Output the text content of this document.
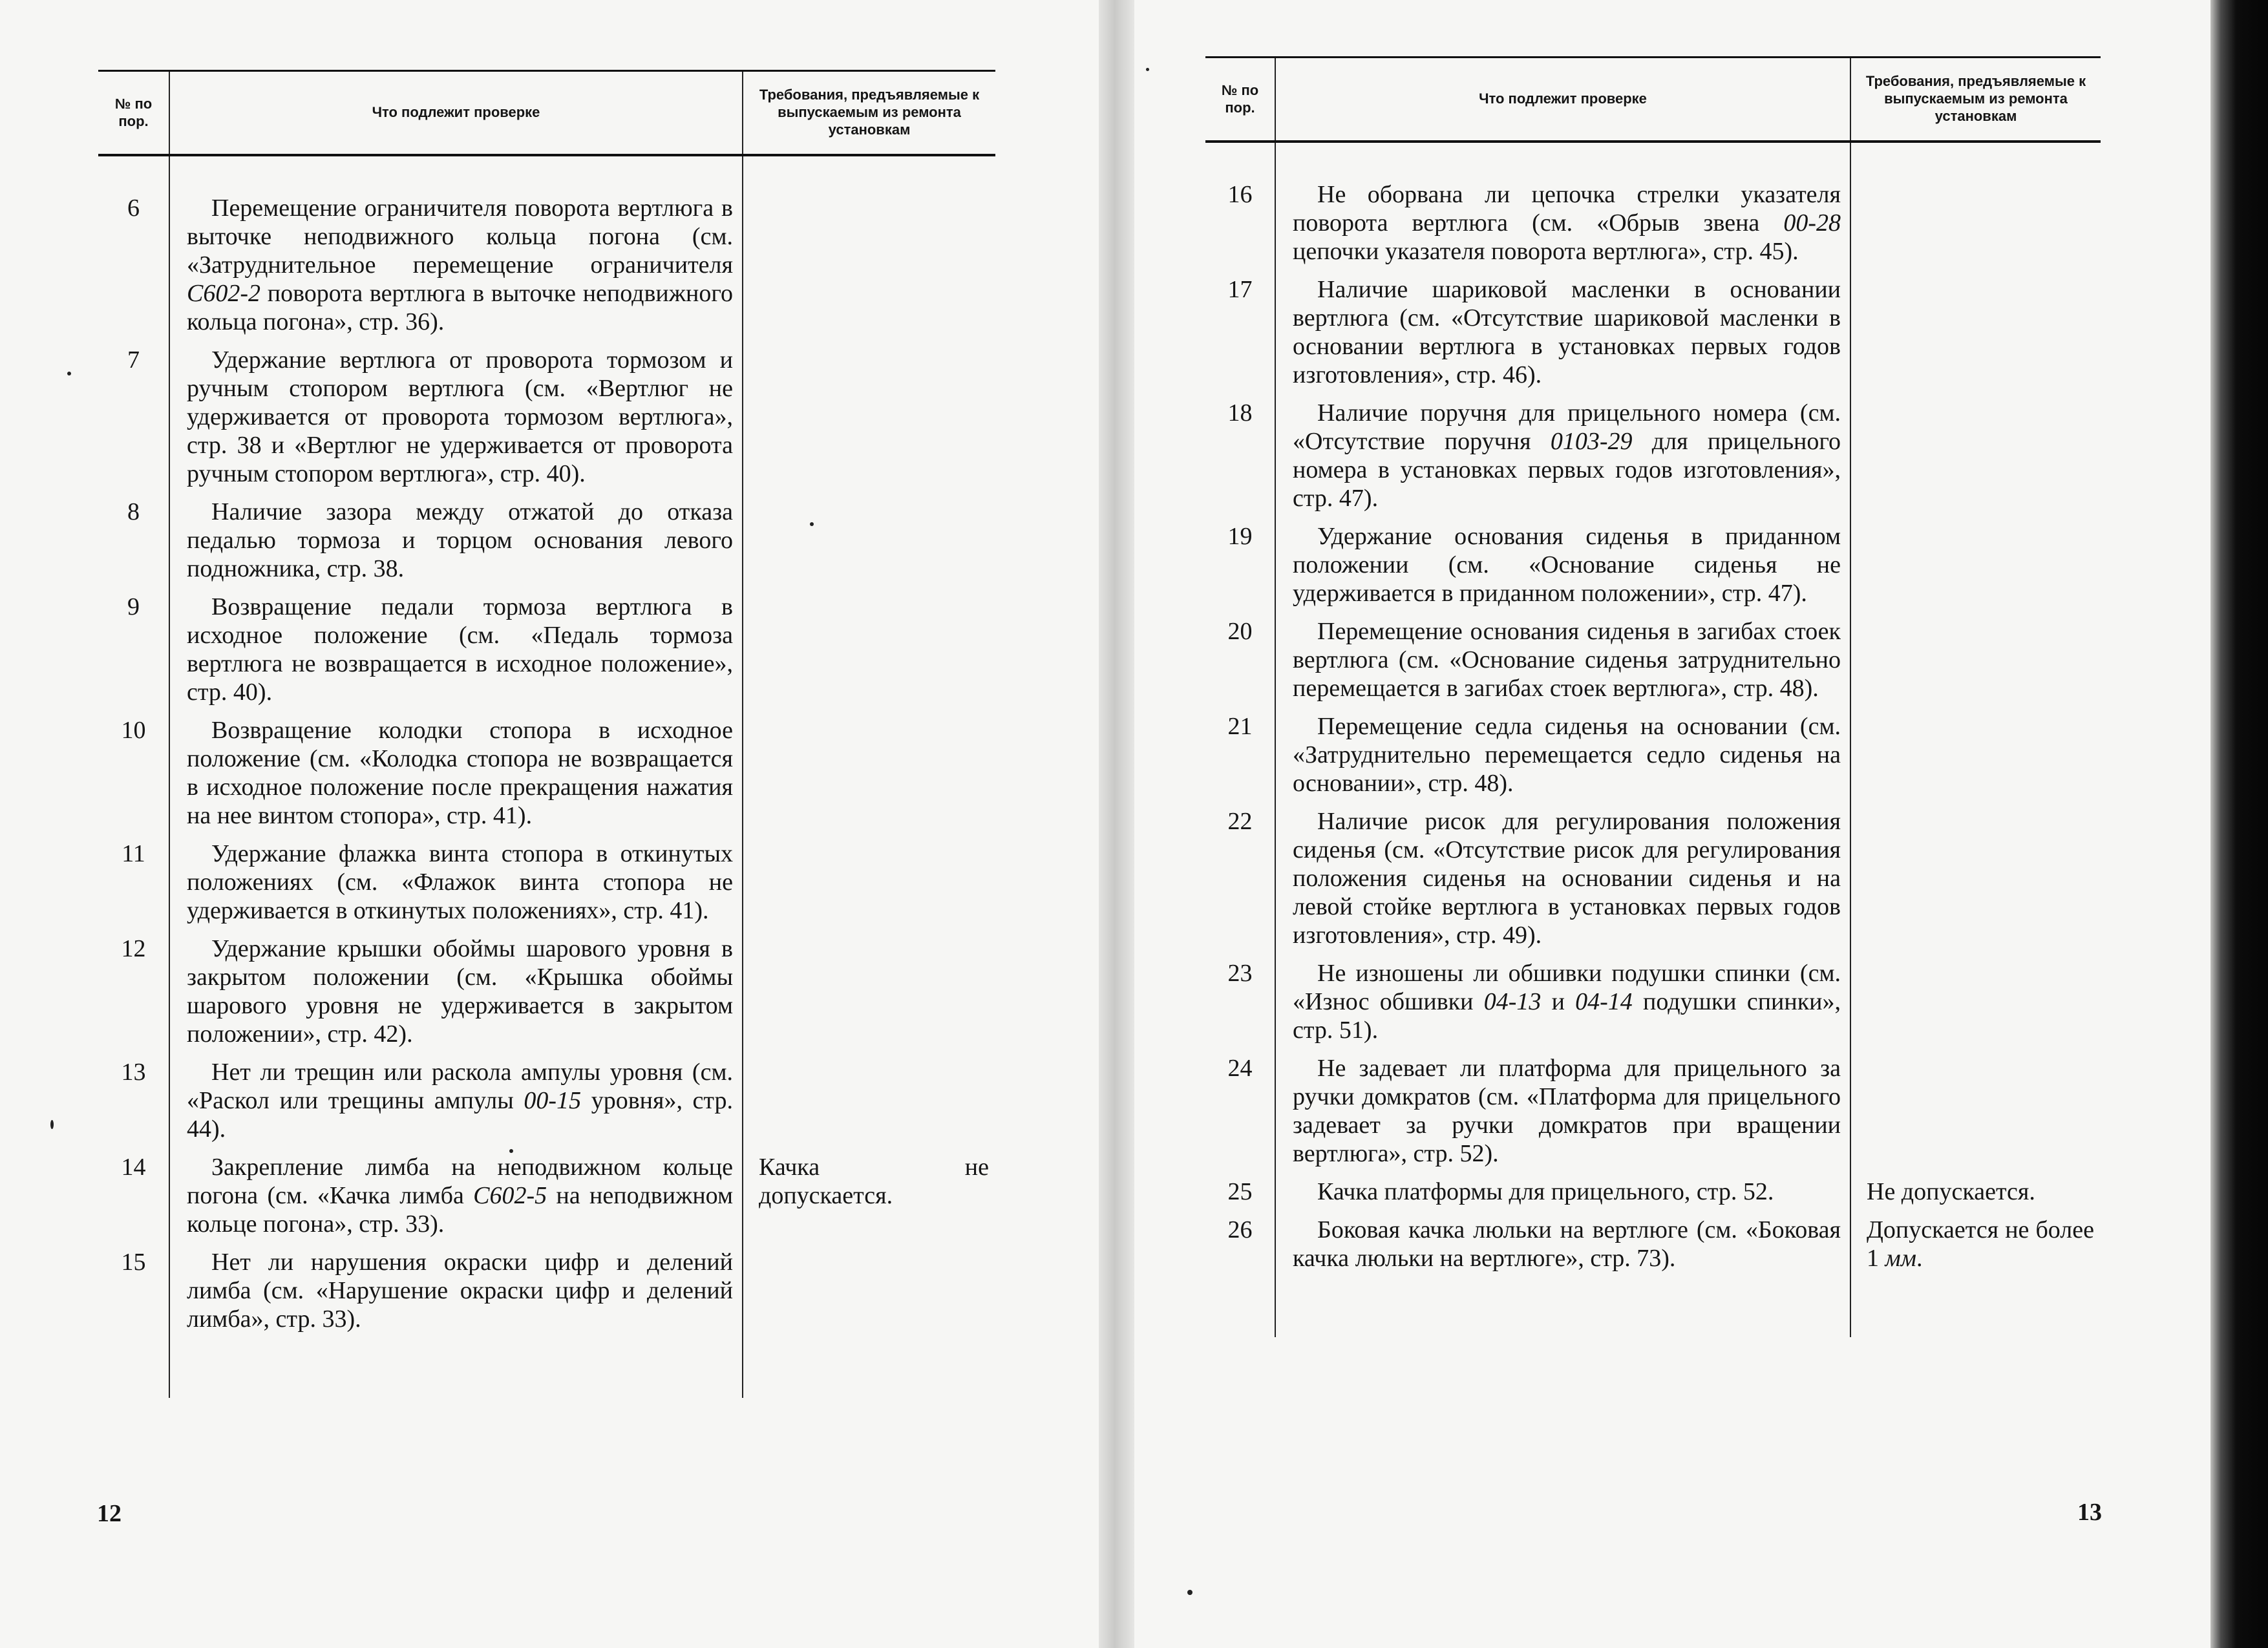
№ по пор.	Что подлежит проверке	Требования, предъявляемые к выпускаемым из ремонта установкам
6	Перемещение ограничителя поворота вертлюга в выточке неподвижного кольца погона (см. «Затруднительное перемещение ограничителя С602-2 поворота вертлюга в выточке неподвижного кольца погона», стр. 36).	
7	Удержание вертлюга от проворота тормозом и ручным стопором вертлюга (см. «Вертлюг не удерживается от проворота тормозом вертлюга», стр. 38 и «Вертлюг не удерживается от проворота ручным стопором вертлюга», стр. 40).	
8	Наличие зазора между отжатой до отказа педалью тормоза и торцом основания левого подножника, стр. 38.	
9	Возвращение педали тормоза вертлюга в исходное положение (см. «Педаль тормоза вертлюга не возвращается в исходное положение», стр. 40).	
10	Возвращение колодки стопора в исходное положение (см. «Колодка стопора не возвращается в исходное положение после прекращения нажатия на нее винтом стопора», стр. 41).	
11	Удержание флажка винта стопора в откинутых положениях (см. «Флажок винта стопора не удерживается в откинутых положениях», стр. 41).	
12	Удержание крышки обоймы шарового уровня в закрытом положении (см. «Крышка обоймы шарового уровня не удерживается в закрытом положении», стр. 42).	
13	Нет ли трещин или раскола ампулы уровня (см. «Раскол или трещины ампулы 00-15 уровня», стр. 44).	
14	Закрепление лимба на неподвижном кольце погона (см. «Качка лимба С602-5 на неподвижном кольце погона», стр. 33).	Качка не допускается.
15	Нет ли нарушения окраски цифр и делений лимба (см. «Нарушение окраски цифр и делений лимба», стр. 33).	
12	13
№ по пор.	Что подлежит проверке	Требования, предъявляемые к выпускаемым из ремонта установкам
16	Не оборвана ли цепочка стрелки указателя поворота вертлюга (см. «Обрыв звена 00-28 цепочки указателя поворота вертлюга», стр. 45).	
17	Наличие шариковой масленки в основании вертлюга (см. «Отсутствие шариковой масленки в основании вертлюга в установках первых годов изготовления», стр. 46).	
18	Наличие поручня для прицельного номера (см. «Отсутствие поручня 0103-29 для прицельного номера в установках первых годов изготовления», стр. 47).	
19	Удержание основания сиденья в приданном положении (см. «Основание сиденья не удерживается в приданном положении», стр. 47).	
20	Перемещение основания сиденья в загибах стоек вертлюга (см. «Основание сиденья затруднительно перемещается в загибах стоек вертлюга», стр. 48).	
21	Перемещение седла сиденья на основании (см. «Затруднительно перемещается седло сиденья на основании», стр. 48).	
22	Наличие рисок для регулирования положения сиденья (см. «Отсутствие рисок для регулирования положения сиденья на основании сиденья и на левой стойке вертлюга в установках первых годов изготовления», стр. 49).	
23	Не изношены ли обшивки подушки спинки (см. «Износ обшивки 04-13 и 04-14 подушки спинки», стр. 51).	
24	Не задевает ли платформа для прицельного за ручки домкратов (см. «Платформа для прицельного задевает за ручки домкратов при вращении вертлюга», стр. 52).	
25	Качка платформы для прицельного, стр. 52.	Не допускается.
26	Боковая качка люльки на вертлюге (см. «Боковая качка люльки на вертлюге», стр. 73).	Допускается не более 1 мм.
